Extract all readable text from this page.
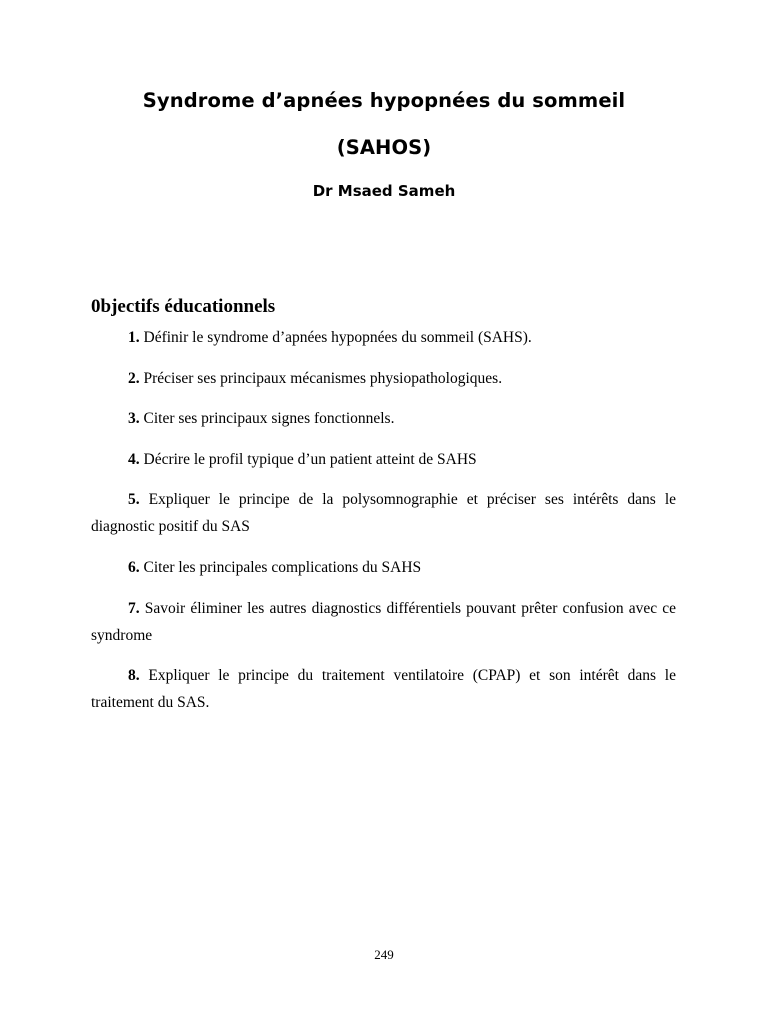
Syndrome d’apnées hypopnées du sommeil
(SAHOS)
Dr Msaed Sameh
0bjectifs éducationnels
1. Définir le syndrome d’apnées hypopnées du sommeil (SAHS).
2. Préciser ses principaux mécanismes physiopathologiques.
3. Citer ses principaux signes fonctionnels.
4. Décrire le profil typique d’un patient atteint de SAHS
5. Expliquer le principe de la polysomnographie et préciser ses intérêts dans le diagnostic positif du SAS
6. Citer les principales complications du SAHS
7. Savoir éliminer les autres diagnostics différentiels pouvant prêter confusion avec ce syndrome
8. Expliquer le principe du traitement ventilatoire (CPAP) et son intérêt dans le traitement du SAS.
249
